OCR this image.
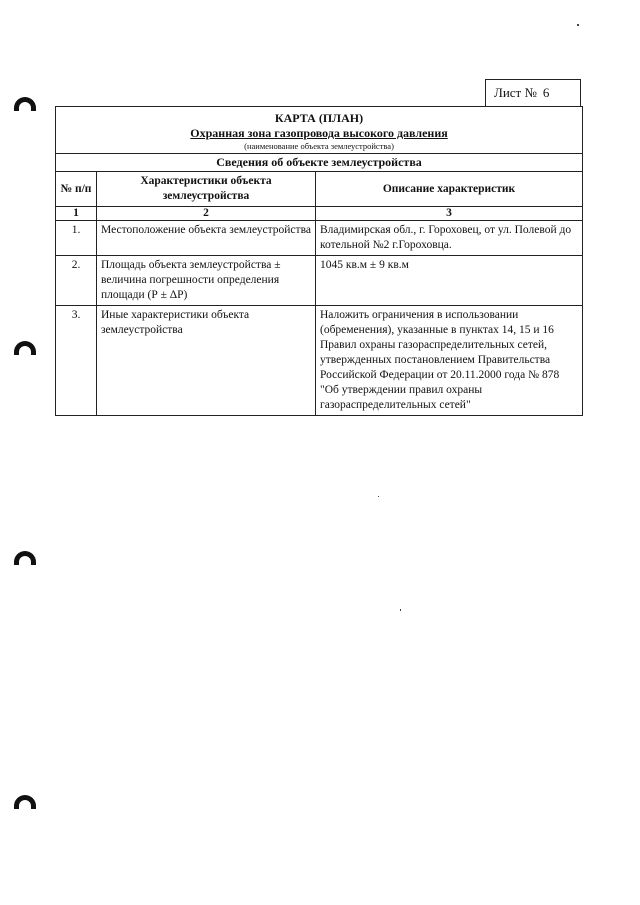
Лист № 6
КАРТА (ПЛАН)
Охранная зона газопровода высокого давления
(наименование объекта землеустройства)		

Сведения об объекте землеустройства		
№ п/п	Характеристики объекта землеустройства	Описание характеристик
1	2	3
1.	Местоположение объекта землеустройства	Владимирская обл., г. Гороховец, от ул. Полевой до котельной №2 г.Гороховца.
2.	Площадь объекта землеустройства ± величина погрешности определения площади (Р ± ΔР)	1045 кв.м ± 9 кв.м
3.	Иные характеристики объекта землеустройства	Наложить ограничения в использовании (обременения), указанные в пунктах 14, 15 и 16 Правил охраны газораспределительных сетей, утвержденных постановлением Правительства Российской Федерации от 20.11.2000 года № 878 "Об утверждении правил охраны газораспределительных сетей"
